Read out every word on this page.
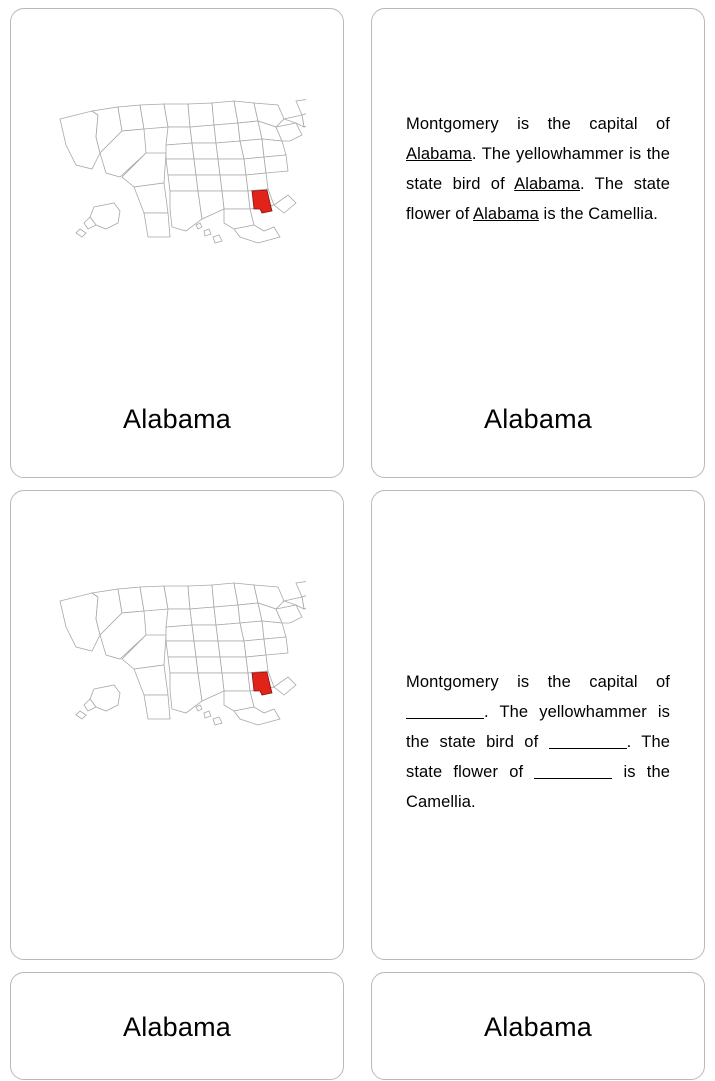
Alabama

Montgomery is the capital of Alabama. The yellowhammer is the state bird of Alabama. The state flower of Alabama is the Camellia.

Alabama

Montgomery is the capital of . The yellowhammer is the state bird of	. The state flower of	is the Camellia.

Alabama	Alabama
